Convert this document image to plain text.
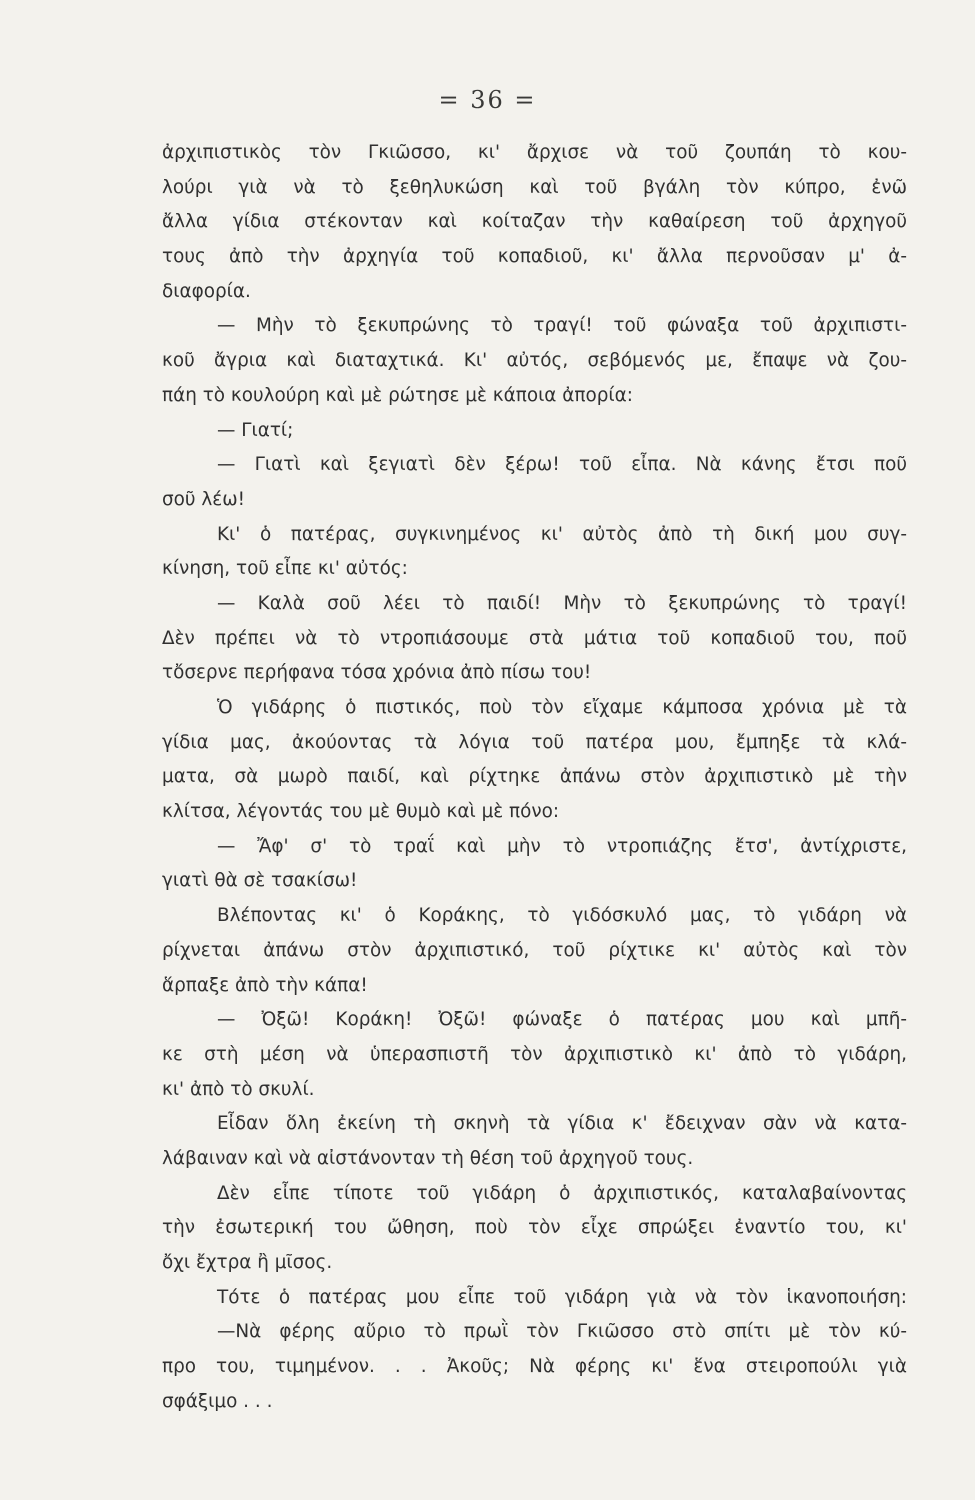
= 36 =
ἀρχιπιστικὸς τὸν Γκιῶσσο, κι' ἄρχισε νὰ τοῦ ζουπάη τὸ κου-
λούρι γιὰ νὰ τὸ ξεθηλυκώση καὶ τοῦ βγάλη τὸν κύπρο, ἐνῶ
ἄλλα γίδια στέκονταν καὶ κοίταζαν τὴν καθαίρεση τοῦ ἀρχηγοῦ
τους ἀπὸ τὴν ἀρχηγία τοῦ κοπαδιοῦ, κι' ἄλλα περνοῦσαν μ' ἀ-
διαφορία.
— Μὴν τὸ ξεκυπρώνης τὸ τραγί! τοῦ φώναξα τοῦ ἀρχιπιστι-
κοῦ ἄγρια καὶ διαταχτικά. Κι' αὐτός, σεβόμενός με, ἔπαψε νὰ ζου-
πάη τὸ κουλούρη καὶ μὲ ρώτησε μὲ κάποια ἀπορία:
— Γιατί;
— Γιατὶ καὶ ξεγιατὶ δὲν ξέρω! τοῦ εἶπα. Νὰ κάνης ἔτσι ποῦ
σοῦ λέω!
Κι' ὁ πατέρας, συγκινημένος κι' αὐτὸς ἀπὸ τὴ δική μου συγ-
κίνηση, τοῦ εἶπε κι' αὐτός:
— Καλὰ σοῦ λέει τὸ παιδί! Μὴν τὸ ξεκυπρώνης τὸ τραγί!
Δὲν πρέπει νὰ τὸ ντροπιάσουμε στὰ μάτια τοῦ κοπαδιοῦ του, ποῦ
τὄσερνε περήφανα τόσα χρόνια ἀπὸ πίσω του!
Ὁ γιδάρης ὁ πιστικός, ποὺ τὸν εἴχαμε κάμποσα χρόνια μὲ τὰ
γίδια μας, ἀκούοντας τὰ λόγια τοῦ πατέρα μου, ἔμπηξε τὰ κλά-
ματα, σὰ μωρὸ παιδί, καὶ ρίχτηκε ἀπάνω στὸν ἀρχιπιστικὸ μὲ τὴν
κλίτσα, λέγοντάς του μὲ θυμὸ καὶ μὲ πόνο:
— Ἄφ' σ' τὸ τραΐ καὶ μὴν τὸ ντροπιάζης ἔτσ', ἀντίχριστε,
γιατὶ θὰ σὲ τσακίσω!
Βλέποντας κι' ὁ Κοράκης, τὸ γιδόσκυλό μας, τὸ γιδάρη νὰ
ρίχνεται ἀπάνω στὸν ἀρχιπιστικό, τοῦ ρίχτικε κι' αὐτὸς καὶ τὸν
ἅρπαξε ἀπὸ τὴν κάπα!
— Ὀξῶ! Κοράκη! Ὀξῶ! φώναξε ὁ πατέρας μου καὶ μπῆ-
κε στὴ μέση νὰ ὑπερασπιστῆ τὸν ἀρχιπιστικὸ κι' ἀπὸ τὸ γιδάρη,
κι' ἀπὸ τὸ σκυλί.
Εἶδαν ὅλη ἐκείνη τὴ σκηνὴ τὰ γίδια κ' ἔδειχναν σὰν νὰ κατα-
λάβαιναν καὶ νὰ αἰστάνονταν τὴ θέση τοῦ ἀρχηγοῦ τους.
Δὲν εἶπε τίποτε τοῦ γιδάρη ὁ ἀρχιπιστικός, καταλαβαίνοντας
τὴν ἐσωτερική του ὤθηση, ποὺ τὸν εἶχε σπρώξει ἐναντίο του, κι'
ὄχι ἔχτρα ἢ μῖσος.
Τότε ὁ πατέρας μου εἶπε τοῦ γιδάρη γιὰ νὰ τὸν ἱκανοποιήση:
—Νὰ φέρης αὔριο τὸ πρωῒ τὸν Γκιῶσσο στὸ σπίτι μὲ τὸν κύ-
προ του, τιμημένον. . . Ἀκοῦς; Νὰ φέρης κι' ἕνα στειροπούλι γιὰ
σφάξιμο . . .
